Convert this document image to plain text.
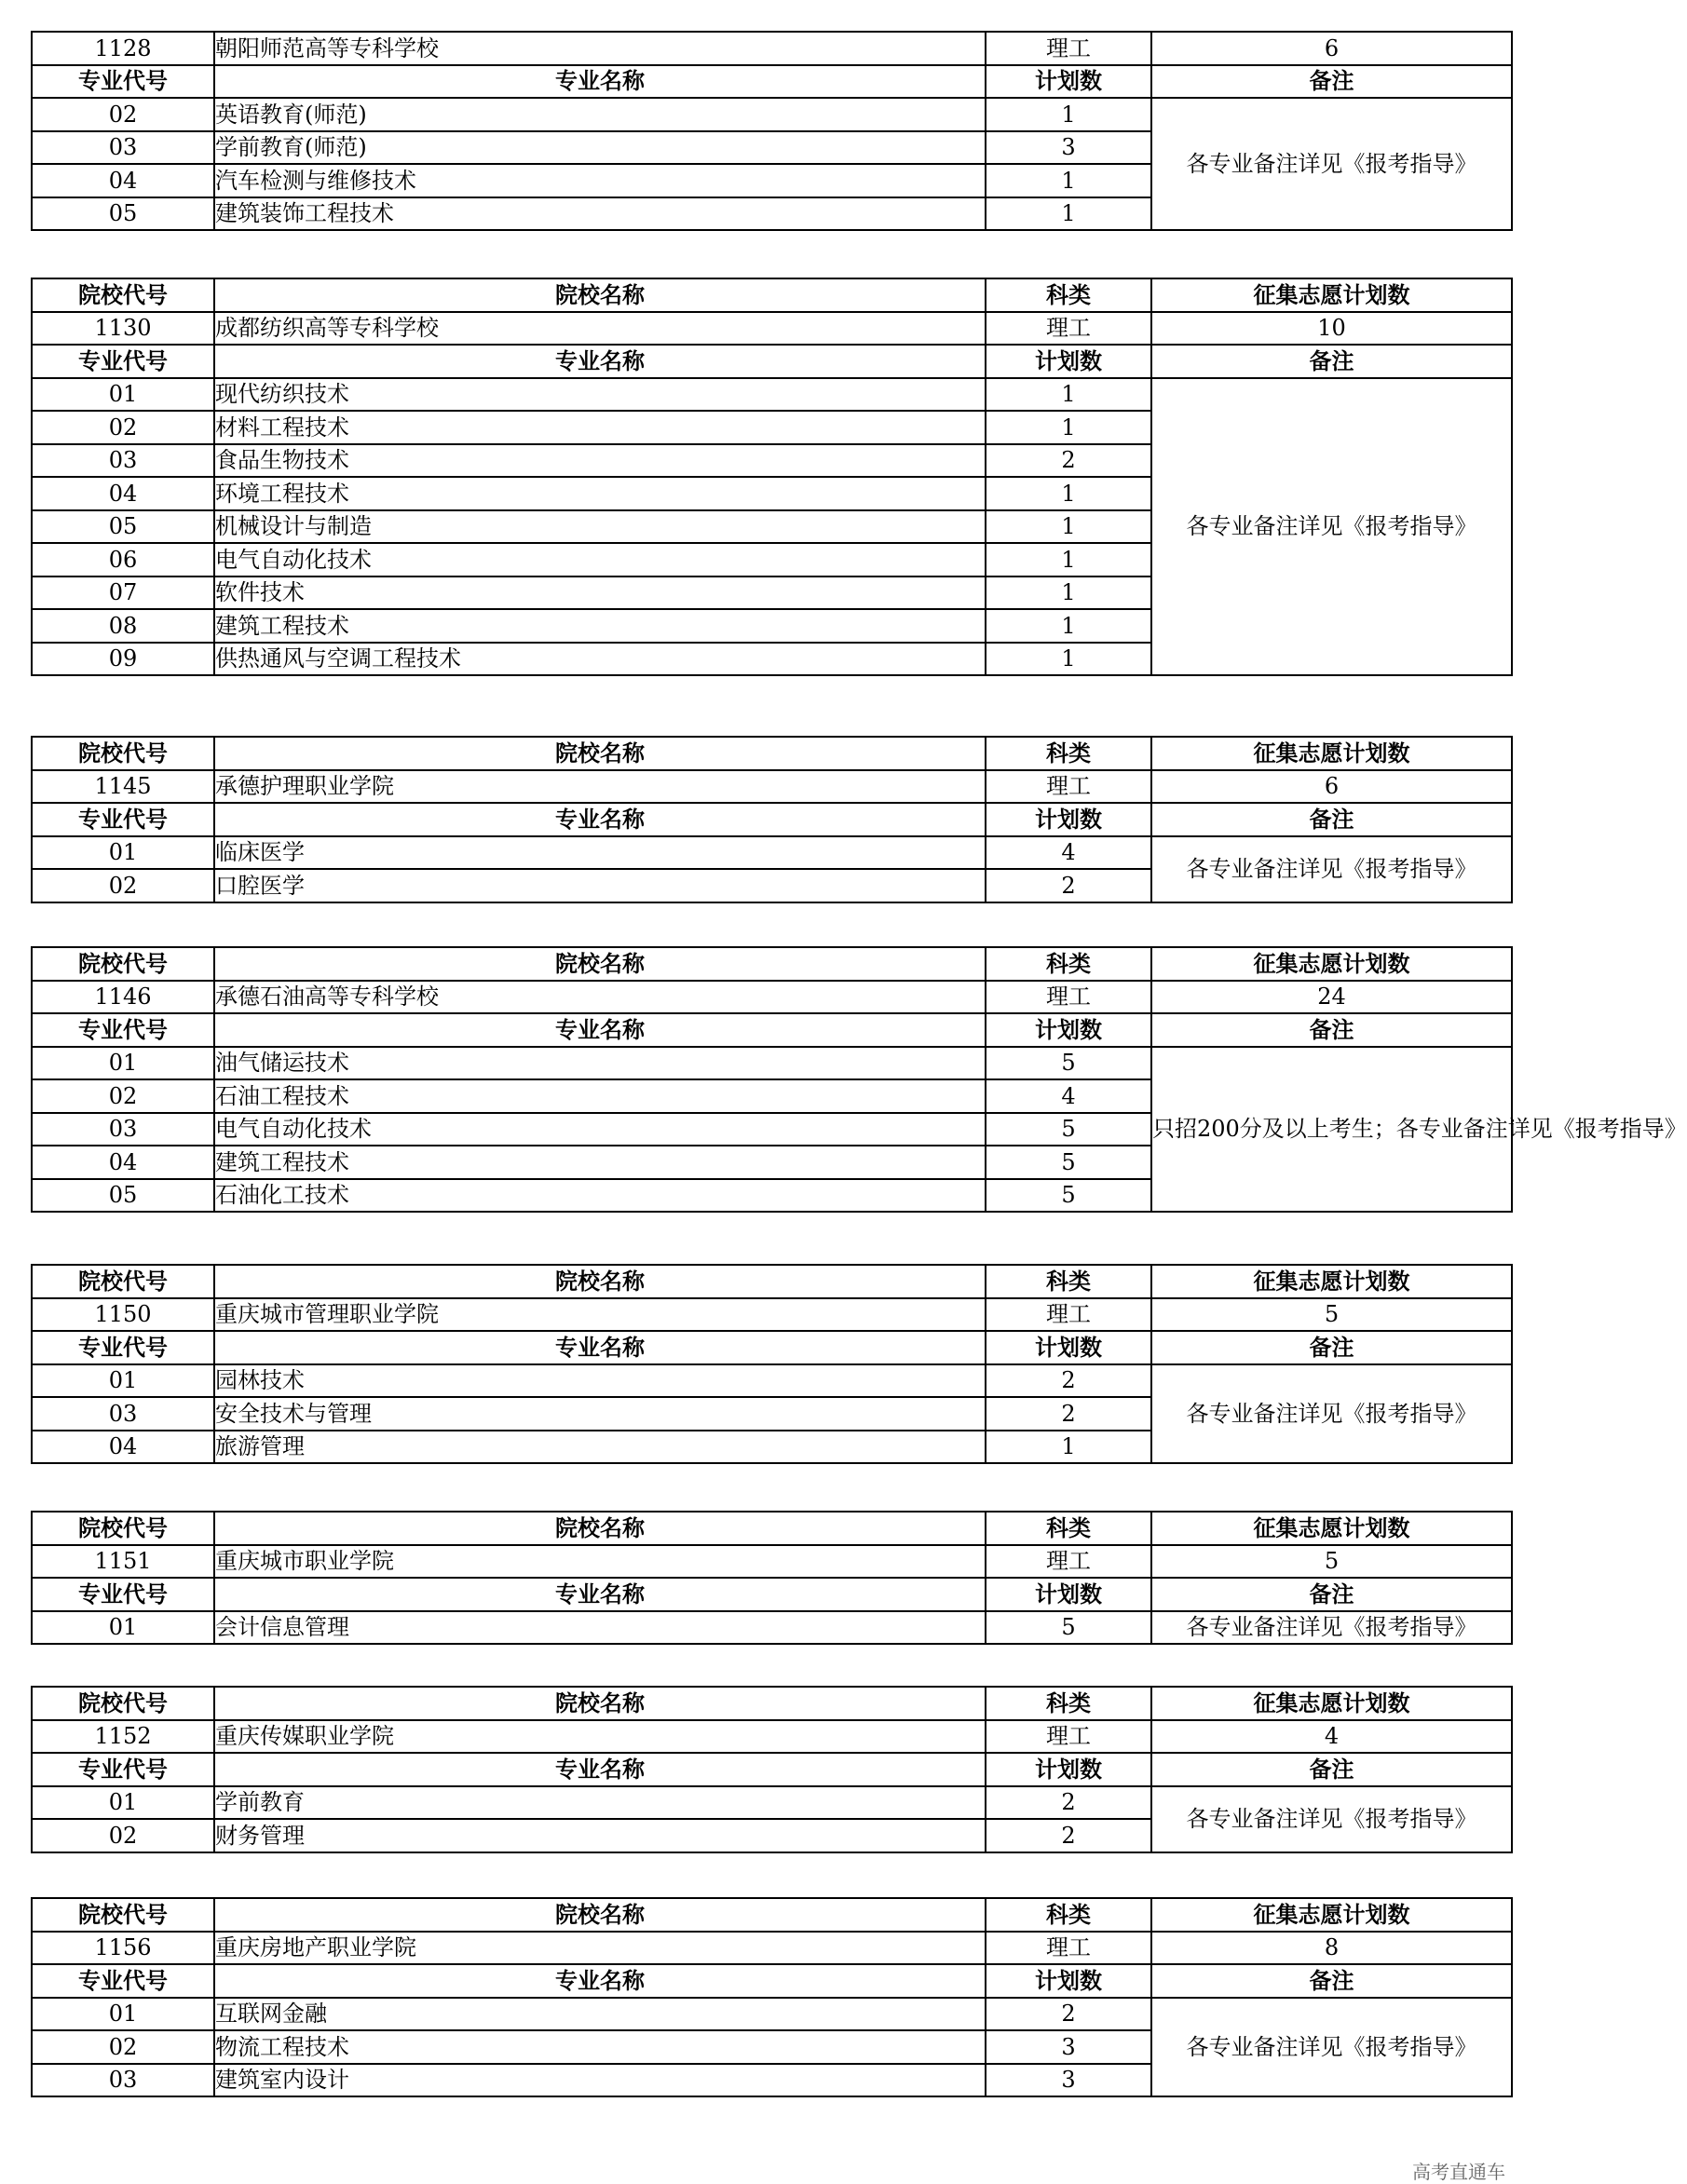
1128	朝阳师范高等专科学校	理工	6
专业代号	专业名称	计划数	备注
02	英语教育(师范)	1	各专业备注详见《报考指导》
03	学前教育(师范)	3	
04	汽车检测与维修技术	1	
05	建筑装饰工程技术	1	
院校代号	院校名称	科类	征集志愿计划数
1130	成都纺织高等专科学校	理工	10
专业代号	专业名称	计划数	备注
01	现代纺织技术	1	各专业备注详见《报考指导》
02	材料工程技术	1	
03	食品生物技术	2	
04	环境工程技术	1	
05	机械设计与制造	1	
06	电气自动化技术	1	
07	软件技术	1	
08	建筑工程技术	1	
09	供热通风与空调工程技术	1	
院校代号	院校名称	科类	征集志愿计划数
1145	承德护理职业学院	理工	6
专业代号	专业名称	计划数	备注
01	临床医学	4	各专业备注详见《报考指导》
02	口腔医学	2	
院校代号	院校名称	科类	征集志愿计划数
1146	承德石油高等专科学校	理工	24
专业代号	专业名称	计划数	备注
01	油气储运技术	5	只招200分及以上考生；各专业备注详见《报考指导》
02	石油工程技术	4	
03	电气自动化技术	5	
04	建筑工程技术	5	
05	石油化工技术	5	
院校代号	院校名称	科类	征集志愿计划数
1150	重庆城市管理职业学院	理工	5
专业代号	专业名称	计划数	备注
01	园林技术	2	各专业备注详见《报考指导》
03	安全技术与管理	2	
04	旅游管理	1	
院校代号	院校名称	科类	征集志愿计划数
1151	重庆城市职业学院	理工	5
专业代号	专业名称	计划数	备注
01	会计信息管理	5	各专业备注详见《报考指导》
院校代号	院校名称	科类	征集志愿计划数
1152	重庆传媒职业学院	理工	4
专业代号	专业名称	计划数	备注
01	学前教育	2	各专业备注详见《报考指导》
02	财务管理	2	
院校代号	院校名称	科类	征集志愿计划数
1156	重庆房地产职业学院	理工	8
专业代号	专业名称	计划数	备注
01	互联网金融	2	各专业备注详见《报考指导》
02	物流工程技术	3	
03	建筑室内设计	3	
高考直通车
